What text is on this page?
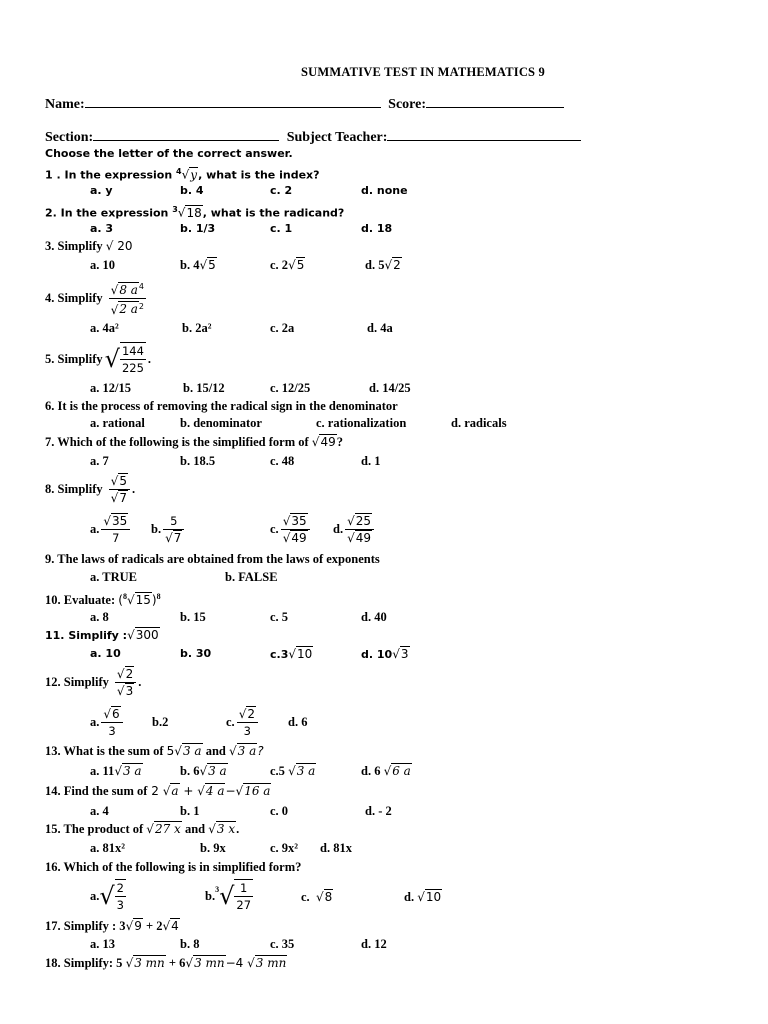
SUMMATIVE TEST IN MATHEMATICS 9
Name:	Score:
Section:	Subject Teacher:
Choose the letter of the correct answer.
1 . In the expression $^4$√y, what is the index?
a. y	b. 4	c. 2	d. none
2. In the expression $^3$√18, what is the radicand?
a. 3	b. 1/3	c. 1	d. 18
3. Simplify √ 20
a. 10	b. 4√5	c. 2√5	d. 5√2
4. Simplify $\frac{√8 a^4}{√2 a^2}$
a. 4a²	b. 2a²	c. 2a	d. 4a
5. Simplify √ $\frac{144}{225}$ .
a. 12/15	b. 15/12	c. 12/25	d. 14/25
6. It is the process of removing the radical sign in the denominator
a. rational	b. denominator	c. rationalization	d. radicals
7. Which of the following is the simplified form of √49?
a. 7	b. 18.5	c. 48	d. 1
8. Simplify $\frac{√5}{√7}$ .
a. $\frac{√35}{7} b$. $\frac{5}{√7}$	c. $\frac{√35}{√49} d$. $\frac{√25}{√49}$
9. The laws of radicals are obtained from the laws of exponents
a. TRUE	b. FALSE
10. Evaluate: $(^8√15)^8$
a. 8	b. 15	c. 5	d. 40
11. Simplify :√300
a. 10	b. 30	c.3√10	d. 10√3
12. Simplify $\frac{√2}{√3}$ .
a. $\frac{√6}{3} b.2$	c. $\frac{√2}{3} d$. 6
13. What is the sum of 5√3 a and √3 a?
a. 11√3 a	b. 6√3 a	c.5 √3 a	d. 6 √6 a
14. Find the sum of 2 √a + √4 a−√16 a
a. 4	b. 1	c. 0	d. - 2
15. The product of √27 x and √3 x.
a. 81x²	b. 9x	c. 9x² d. 81x
16. Which of the following is in simplified form?
a. √ $\frac{2}{3}$	b.$^3$ √ $\frac{1}{27}$	c. √8	d. √10
17. Simplify : 3√9 + 2√4
a. 13	b. 8	c. 35	d. 12
18. Simplify: 5 √3 mn + 6√3 mn−4 √3 mn
